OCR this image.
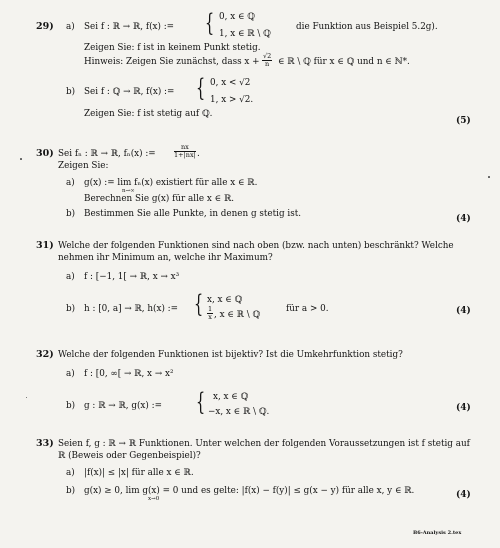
29) a) Sei f : ℝ → ℝ, f(x) := { 0, x ∈ ℚ
1, x ∈ ℝ \ ℚ
die Funktion aus Beispiel 5.2g).
Zeigen Sie: f ist in keinem Punkt stetig.
Hinweis: Zeigen Sie zunächst, dass $x + \frac{√2}{n}$ ∈ ℝ \ ℚ für x ∈ ℚ und n ∈ ℕ*.
b) Sei f : ℚ → ℝ, f(x) := { 0, x < √2
1, x > √2.
Zeigen Sie: f ist stetig auf ℚ.
(5)
30) Sei fₙ : ℝ → ℝ, fₙ(x) :=	$\frac{nx}{1+|nx|}$ .
Zeigen Sie:
a) g(x) := lim fₙ(x) existiert für alle x ∈ ℝ.
n→∞
Berechnen Sie g(x) für alle x ∈ ℝ.
b) Bestimmen Sie alle Punkte, in denen g stetig ist.	(4)
31) Welche der folgenden Funktionen sind nach oben (bzw. nach unten) beschränkt? Welche
nehmen ihr Minimum an, welche ihr Maximum?
a) f : [−1, 1[ → ℝ, x → x³
b) h : [0, a] → ℝ, h(x) := { x, x ∈ ℚ
$\frac{1}{x}$ , x ∈ ℝ \ ℚ
für a > 0.	(4)
32) Welche der folgenden Funktionen ist bijektiv? Ist die Umkehrfunktion stetig?
a) f : [0, ∞[ → ℝ, x → x²
b) g : ℝ → ℝ, g(x) := { x, x ∈ ℚ
−x, x ∈ ℝ \ ℚ.	(4)
33) Seien f, g : ℝ → ℝ Funktionen. Unter welchen der folgenden Voraussetzungen ist f stetig auf
ℝ (Beweis oder Gegenbeispiel)?
a) |f(x)| ≤ |x| für alle x ∈ ℝ.
b) g(x) ≥ 0, lim g(x) = 0 und es gelte: |f(x) − f(y)| ≤ g(x − y) für alle x, y ∈ ℝ.
x→0	(4)
B6-Analysis 2.tex
